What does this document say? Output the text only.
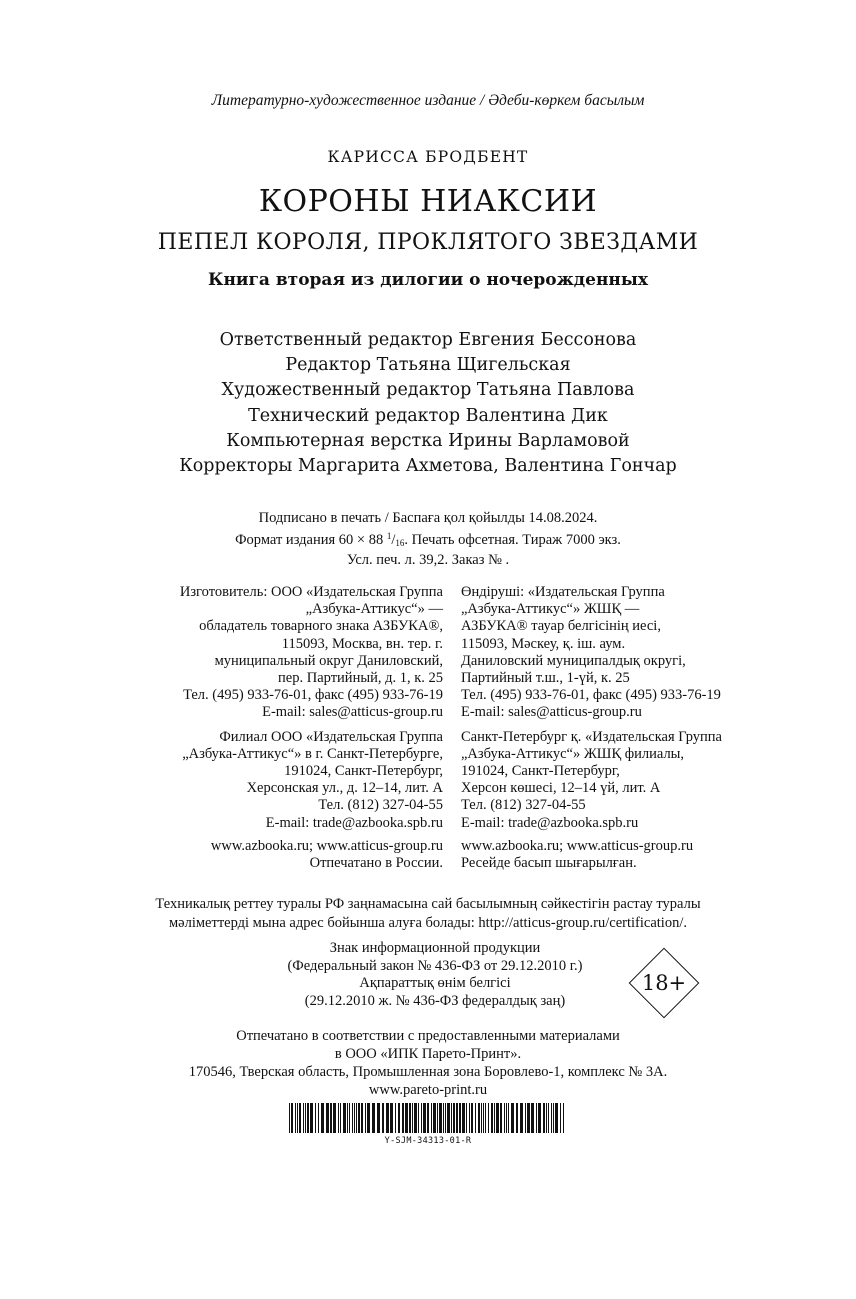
Литературно-художественное издание / Әдеби-көркем басылым
КАРИССА БРОДБЕНТ
КОРОНЫ НИАКСИИ
ПЕПЕЛ КОРОЛЯ, ПРОКЛЯТОГО ЗВЕЗДАМИ
Книга вторая из дилогии о ночерожденных
Ответственный редактор Евгения Бессонова
Редактор Татьяна Щигельская
Художественный редактор Татьяна Павлова
Технический редактор Валентина Дик
Компьютерная верстка Ирины Варламовой
Корректоры Маргарита Ахметова, Валентина Гончар
Подписано в печать / Баспаға қол қойылды 14.08.2024.
Формат издания 60 × 88 $^1$/16. Печать офсетная. Тираж 7000 экз.
Усл. печ. л. 39,2. Заказ № .
Изготовитель: ООО «Издательская Группа
„Азбука-Аттикус“» —
обладатель товарного знака АЗБУКА®,
115093, Москва, вн. тер. г.
муниципальный округ Даниловский,
пер. Партийный, д. 1, к. 25
Тел. (495) 933-76-01, факс (495) 933-76-19
E-mail: sales@atticus-group.ru
Филиал ООО «Издательская Группа
„Азбука-Аттикус“» в г. Санкт-Петербурге,
191024, Санкт-Петербург,
Херсонская ул., д. 12–14, лит. А
Тел. (812) 327-04-55
E-mail: trade@azbooka.spb.ru
www.azbooka.ru; www.atticus-group.ru
Отпечатано в России.
Өндіруші: «Издательская Группа
„Азбука-Аттикус“» ЖШҚ —
АЗБУКА® тауар белгісінің иесі,
115093, Мәскеу, қ. іш. аум.
Даниловский муниципалдық округі,
Партийный т.ш., 1-үй, к. 25
Тел. (495) 933-76-01, факс (495) 933-76-19
E-mail: sales@atticus-group.ru
Санкт-Петербург қ. «Издательская Группа
„Азбука-Аттикус“» ЖШҚ филиалы,
191024, Санкт-Петербург,
Херсон көшесі, 12–14 үй, лит. А
Тел. (812) 327-04-55
E-mail: trade@azbooka.spb.ru
www.azbooka.ru; www.atticus-group.ru
Ресейде басып шығарылған.
Техникалық реттеу туралы РФ заңнамасына сай басылымның сәйкестігін растау туралы
мәліметтерді мына адрес бойынша алуға болады: http://atticus-group.ru/certification/.
Знак информационной продукции
(Федеральный закон № 436-ФЗ от 29.12.2010 г.)
Ақпараттық өнім белгісі
(29.12.2010 ж. № 436-ФЗ федералдық заң)
18+
Отпечатано в соответствии с предоставленными материалами
в ООО «ИПК Парето-Принт».
170546, Тверская область, Промышленная зона Боровлево-1, комплекс № 3А.
www.pareto-print.ru
Y-SJM-34313-01-R
